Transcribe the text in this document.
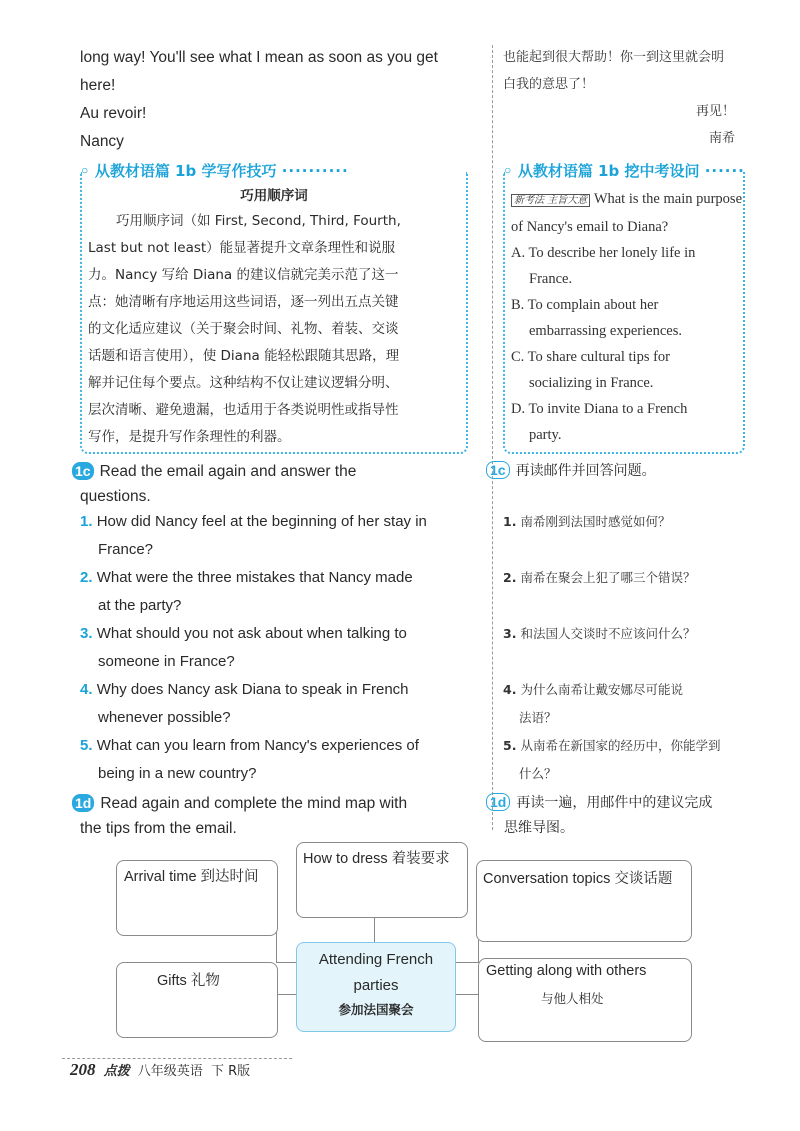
long way! You'll see what I mean as soon as you get
here!
Au revoir!
Nancy
也能起到很大帮助！你一到这里就会明
白我的意思了！
再见！
南希
◦ 从教材语篇 1b 学写作技巧 ··········
巧用顺序词
巧用顺序词（如 First, Second, Third, Fourth,
Last but not least）能显著提升文章条理性和说服
力。Nancy 写给 Diana 的建议信就完美示范了这一
点：她清晰有序地运用这些词语，逐一列出五点关键
的文化适应建议（关于聚会时间、礼物、着装、交谈
话题和语言使用），使 Diana 能轻松跟随其思路，理
解并记住每个要点。这种结构不仅让建议逻辑分明、
层次清晰、避免遗漏，也适用于各类说明性或指导性
写作，是提升写作条理性的利器。
◦ 从教材语篇 1b 挖中考设问 ······
新考法 主旨大意 What is the main purpose of Nancy's email to Diana?
A. To describe her lonely life in
France.
B. To complain about her
embarrassing experiences.
C. To share cultural tips for
socializing in France.
D. To invite Diana to a French
party.
1c Read the email again and answer the
questions.
1c 再读邮件并回答问题。
1. How did Nancy feel at the beginning of her stay in
France?
2. What were the three mistakes that Nancy made
at the party?
3. What should you not ask about when talking to
someone in France?
4. Why does Nancy ask Diana to speak in French
whenever possible?
5. What can you learn from Nancy's experiences of
being in a new country?
1. 南希刚到法国时感觉如何？
2. 南希在聚会上犯了哪三个错误？
3. 和法国人交谈时不应该问什么？
4. 为什么南希让戴安娜尽可能说
法语？
5. 从南希在新国家的经历中，你能学到
什么？
1d Read again and complete the mind map with
the tips from the email.
1d 再读一遍，用邮件中的建议完成
思维导图。
Arrival time 到达时间
How to dress 着装要求
Conversation topics 交谈话题
Attending French
parties
参加法国聚会
Gifts 礼物
Getting along with others
与他人相处
208 点拨 八年级英语 下 R版
